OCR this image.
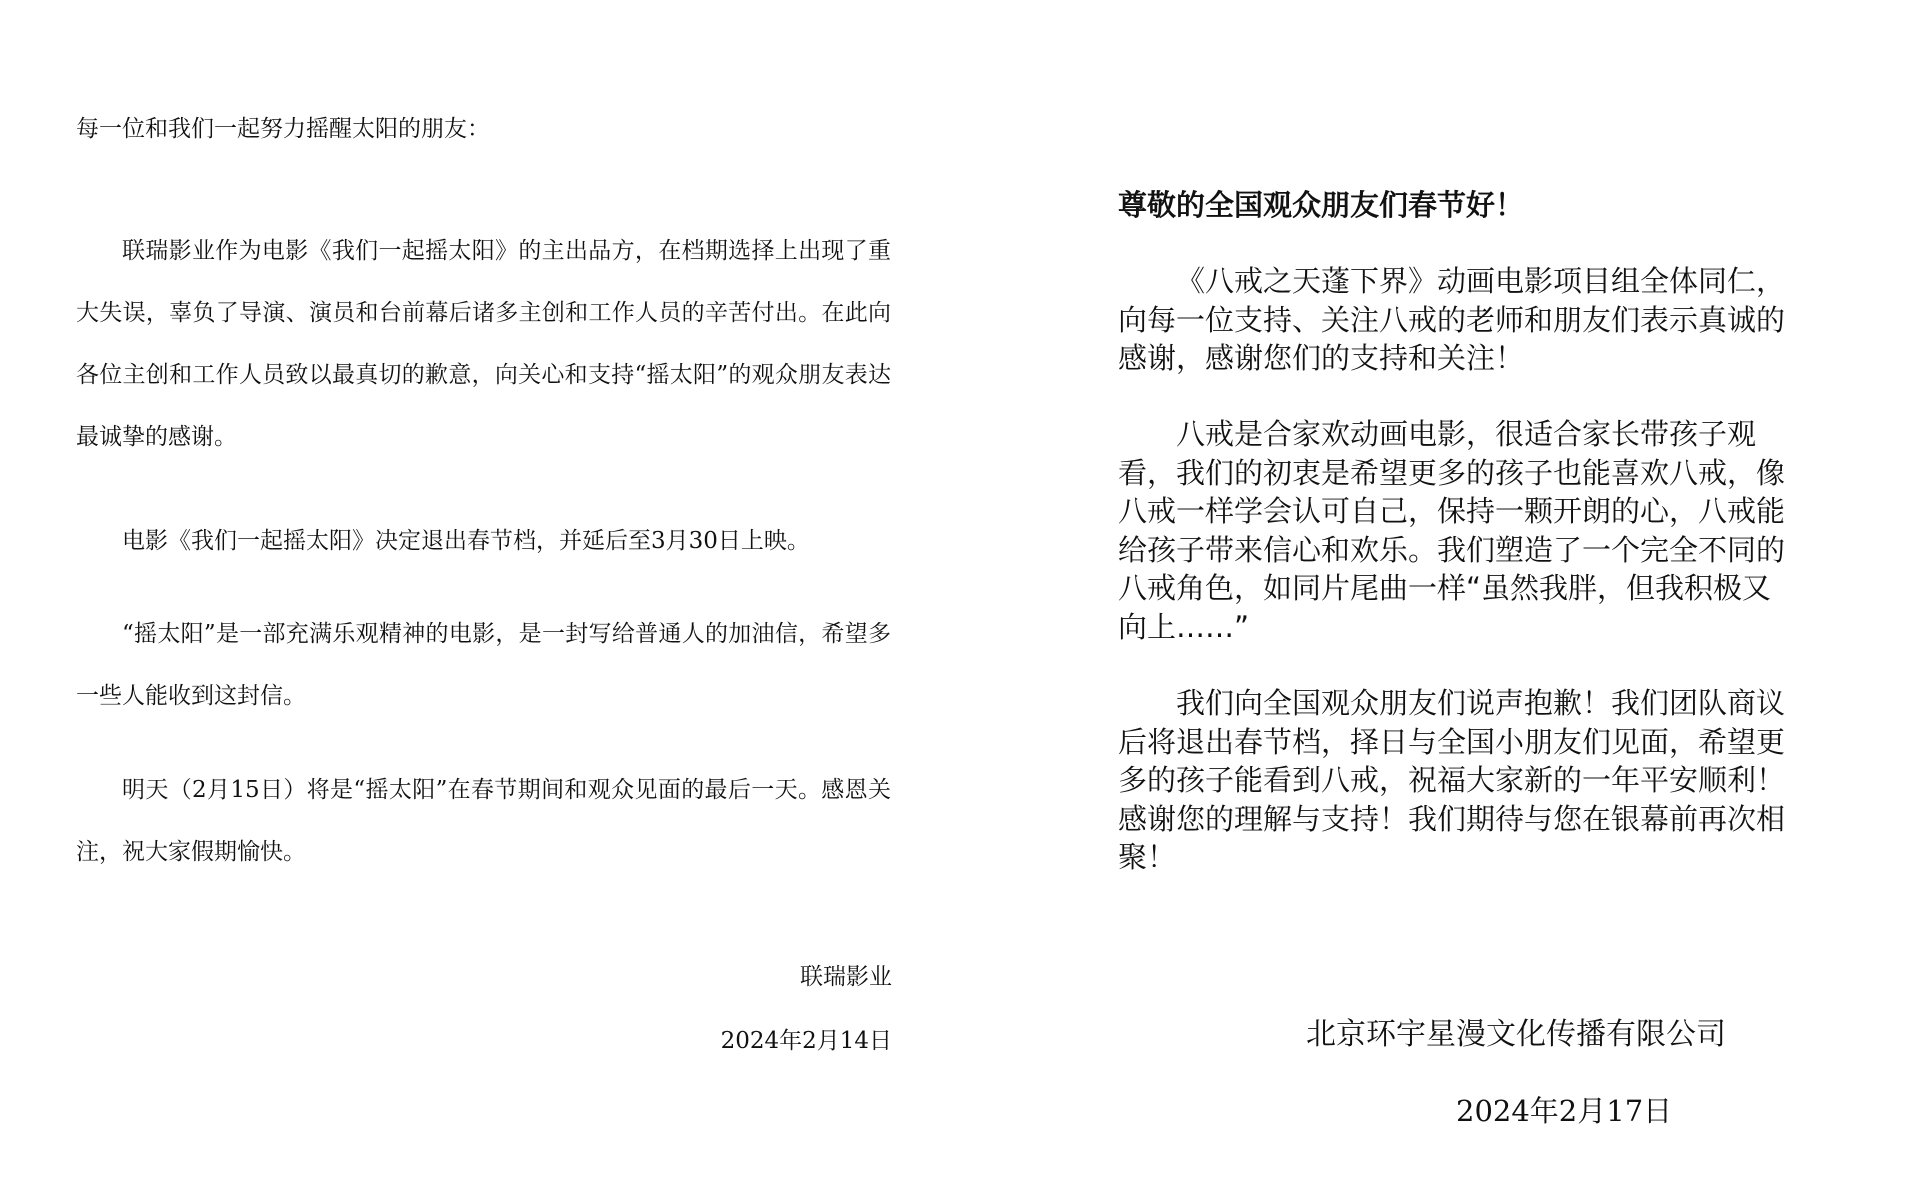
每一位和我们一起努力摇醒太阳的朋友：
联瑞影业作为电影《我们一起摇太阳》的主出品方，在档期选择上出现了重大失误，辜负了导演、演员和台前幕后诸多主创和工作人员的辛苦付出。在此向各位主创和工作人员致以最真切的歉意，向关心和支持“摇太阳”的观众朋友表达最诚挚的感谢。
电影《我们一起摇太阳》决定退出春节档，并延后至3月30日上映。
“摇太阳”是一部充满乐观精神的电影，是一封写给普通人的加油信，希望多一些人能收到这封信。
明天（2月15日）将是“摇太阳”在春节期间和观众见面的最后一天。感恩关注，祝大家假期愉快。
联瑞影业
2024年2月14日
尊敬的全国观众朋友们春节好！
《八戒之天蓬下界》动画电影项目组全体同仁，向每一位支持、关注八戒的老师和朋友们表示真诚的感谢，感谢您们的支持和关注！
八戒是合家欢动画电影，很适合家长带孩子观看，我们的初衷是希望更多的孩子也能喜欢八戒，像八戒一样学会认可自己，保持一颗开朗的心，八戒能给孩子带来信心和欢乐。我们塑造了一个完全不同的八戒角色，如同片尾曲一样“虽然我胖，但我积极又向上……”
我们向全国观众朋友们说声抱歉！我们团队商议后将退出春节档，择日与全国小朋友们见面，希望更多的孩子能看到八戒，祝福大家新的一年平安顺利！感谢您的理解与支持！我们期待与您在银幕前再次相聚！
北京环宇星漫文化传播有限公司
2024年2月17日
